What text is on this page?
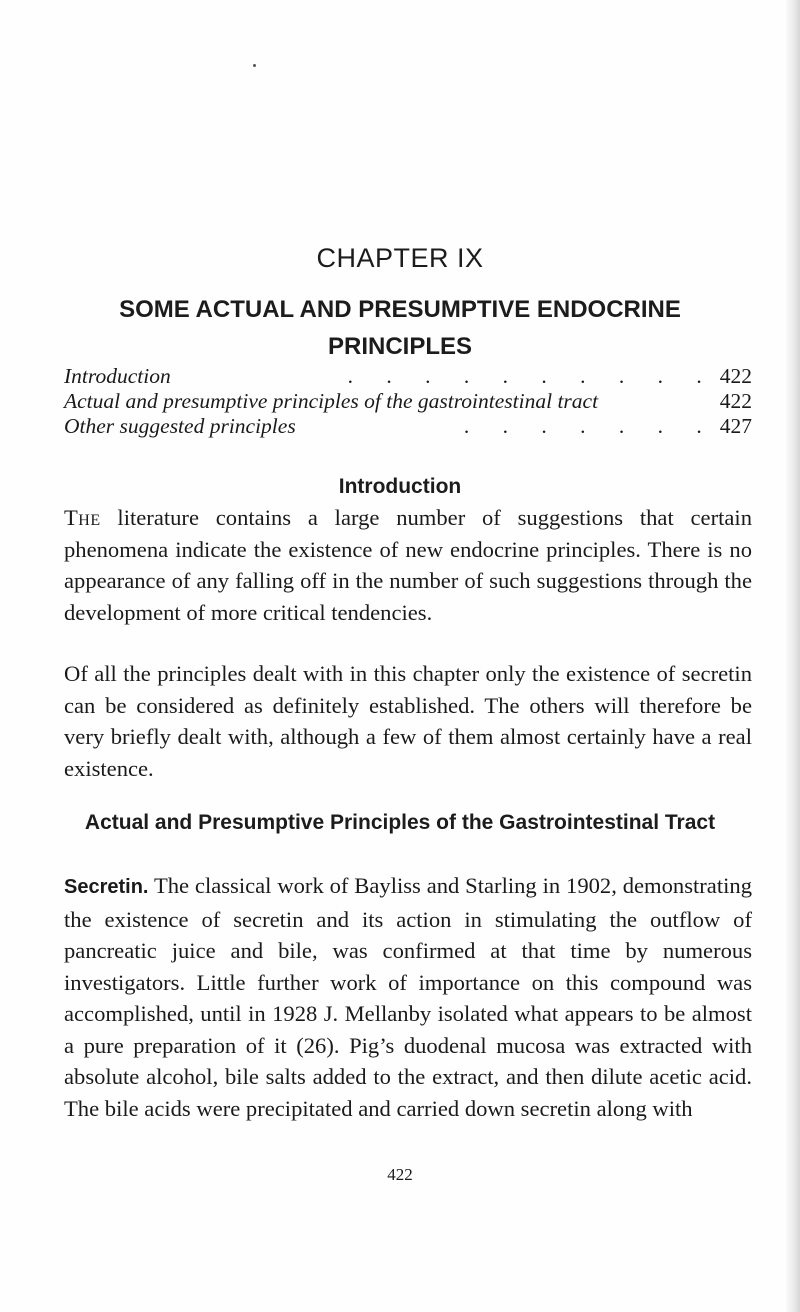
CHAPTER IX
SOME ACTUAL AND PRESUMPTIVE ENDOCRINE PRINCIPLES
Introduction	. . . . . . . . . . 422
Actual and presumptive principles of the gastrointestinal tract	422
Other suggested principles	. . . . . . . 427
Introduction
The literature contains a large number of suggestions that certain phenomena indicate the existence of new endocrine principles. There is no appearance of any falling off in the number of such suggestions through the development of more critical tendencies.
Of all the principles dealt with in this chapter only the existence of secretin can be considered as definitely established. The others will therefore be very briefly dealt with, although a few of them almost certainly have a real existence.
Actual and Presumptive Principles of the Gastrointestinal Tract
Secretin. The classical work of Bayliss and Starling in 1902, demonstrating the existence of secretin and its action in stimulating the outflow of pancreatic juice and bile, was confirmed at that time by numerous investigators. Little further work of importance on this compound was accomplished, until in 1928 J. Mellanby isolated what appears to be almost a pure preparation of it (26). Pig’s duodenal mucosa was extracted with absolute alcohol, bile salts added to the extract, and then dilute acetic acid. The bile acids were precipitated and carried down secretin along with
422
